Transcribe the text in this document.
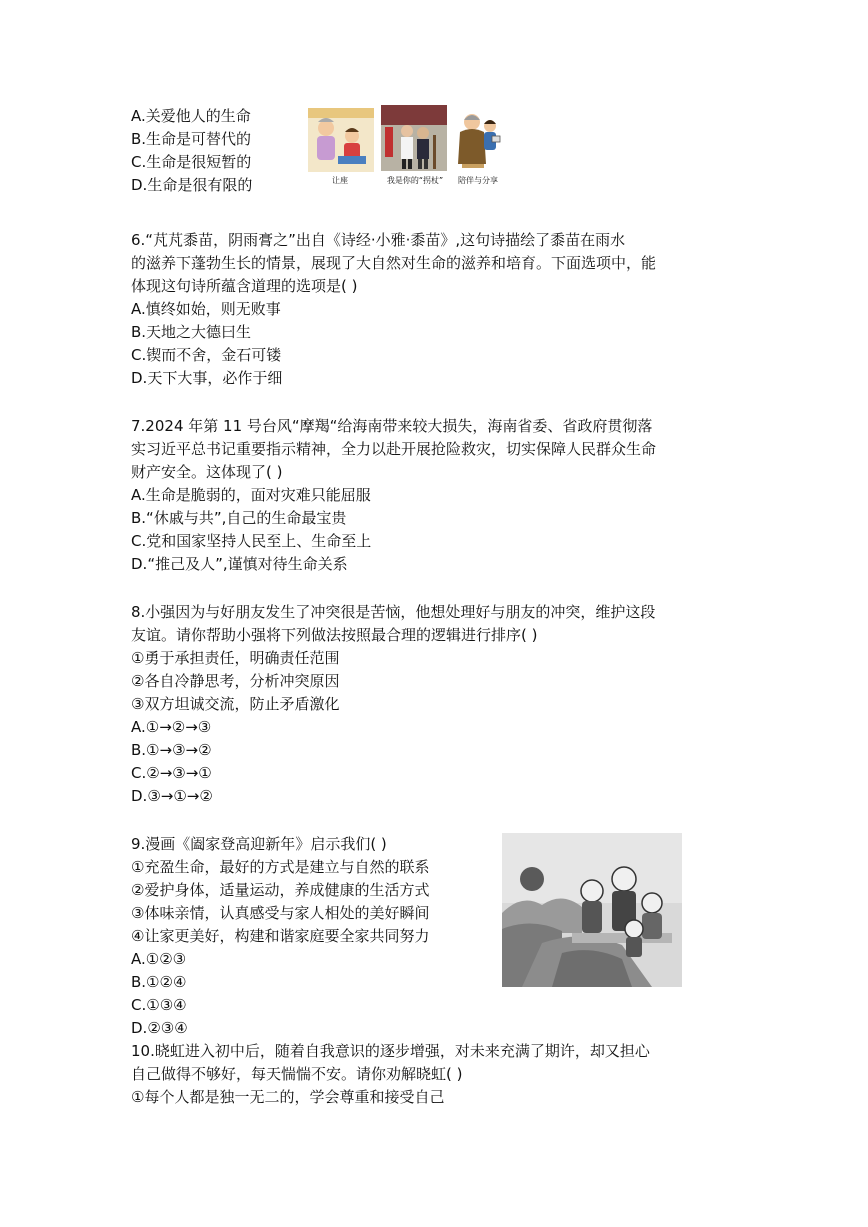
A.关爱他人的生命
B.生命是可替代的
C.生命是很短暂的
D.生命是很有限的	让座	我是你的“拐杖”	陪伴与分享
6.“芃芃黍苗，阴雨膏之”出自《诗经·小雅·黍苗》,这句诗描绘了黍苗在雨水
的滋养下蓬勃生长的情景，展现了大自然对生命的滋养和培育。下面选项中，能
体现这句诗所蕴含道理的选项是( )
A.慎终如始，则无败事
B.天地之大德曰生
C.锲而不舍，金石可镂
D.天下大事，必作于细
7.2024 年第 11 号台风“摩羯“给海南带来较大损失，海南省委、省政府贯彻落
实习近平总书记重要指示精神，全力以赴开展抢险救灾，切实保障人民群众生命
财产安全。这体现了( )
A.生命是脆弱的，面对灾难只能屈服
B.“休戚与共”,自己的生命最宝贵
C.党和国家坚持人民至上、生命至上
D.“推己及人”,谨慎对待生命关系
8.小强因为与好朋友发生了冲突很是苦恼，他想处理好与朋友的冲突，维护这段
友谊。请你帮助小强将下列做法按照最合理的逻辑进行排序( )
①勇于承担责任，明确责任范围
②各自冷静思考，分析冲突原因
③双方坦诚交流，防止矛盾激化
A.①→②→③
B.①→③→②
C.②→③→①
D.③→①→②
9.漫画《阖家登高迎新年》启示我们( )
①充盈生命，最好的方式是建立与自然的联系
②爱护身体，适量运动，养成健康的生活方式
③体味亲情，认真感受与家人相处的美好瞬间
④让家更美好，构建和谐家庭要全家共同努力
A.①②③
B.①②④
C.①③④
D.②③④
10.晓虹进入初中后，随着自我意识的逐步增强，对未来充满了期许，却又担心
自己做得不够好，每天惴惴不安。请你劝解晓虹( )
①每个人都是独一无二的，学会尊重和接受自己
